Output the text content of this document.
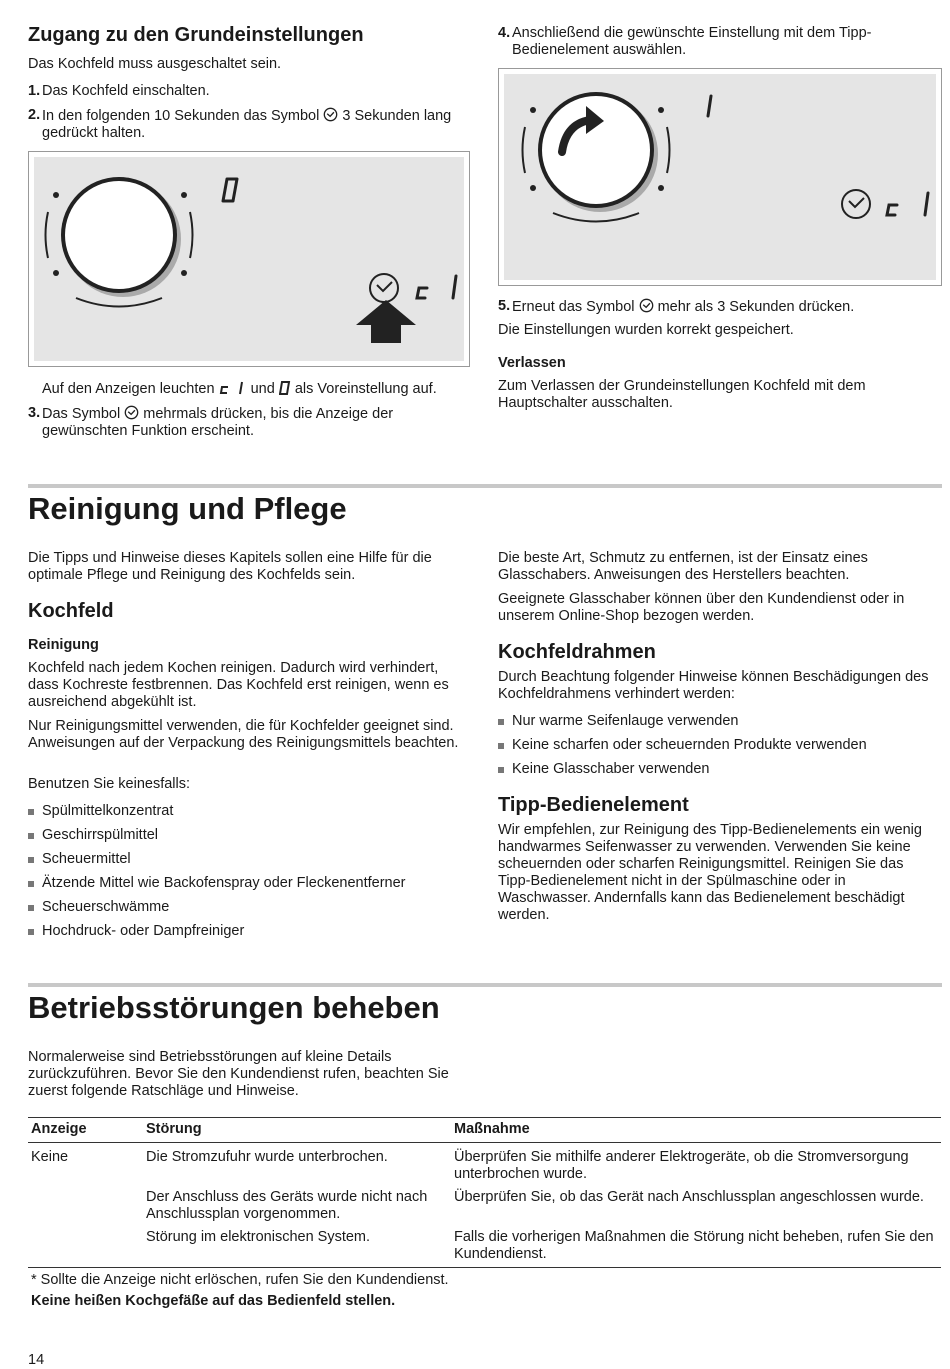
Zugang zu den Grundeinstellungen

Das Kochfeld muss ausgeschaltet sein.

1. Das Kochfeld einschalten.
2. In den folgenden 10 Sekunden das Symbol 3 Sekunden lang gedrückt halten.

Auf den Anzeigen leuchten und als Voreinstellung auf.

3. Das Symbol mehrmals drücken, bis die Anzeige der gewünschten Funktion erscheint.
4. Anschließend die gewünschte Einstellung mit dem Tipp-Bedienelement auswählen.
5. Erneut das Symbol mehr als 3 Sekunden drücken.

Die Einstellungen wurden korrekt gespeichert.

Verlassen

Zum Verlassen der Grundeinstellungen Kochfeld mit dem Hauptschalter ausschalten.

Reinigung und Pflege

Die Tipps und Hinweise dieses Kapitels sollen eine Hilfe für die optimale Pflege und Reinigung des Kochfelds sein.

Kochfeld
Reinigung

Kochfeld nach jedem Kochen reinigen. Dadurch wird verhindert, dass Kochreste festbrennen. Das Kochfeld erst reinigen, wenn es ausreichend abgekühlt ist.

Nur Reinigungsmittel verwenden, die für Kochfelder geeignet sind. Anweisungen auf der Verpackung des Reinigungsmittels beachten.

Benutzen Sie keinesfalls:

Spülmittelkonzentrat
Geschirrspülmittel
Scheuermittel
Ätzende Mittel wie Backofenspray oder Fleckenentferner
Scheuerschwämme
Hochdruck- oder Dampfreiniger

Die beste Art, Schmutz zu entfernen, ist der Einsatz eines Glasschabers. Anweisungen des Herstellers beachten.

Geeignete Glasschaber können über den Kundendienst oder in unserem Online-Shop bezogen werden.

Kochfeldrahmen

Durch Beachtung folgender Hinweise können Beschädigungen des Kochfeldrahmens verhindert werden:

Nur warme Seifenlauge verwenden
Keine scharfen oder scheuernden Produkte verwenden
Keine Glasschaber verwenden
Tipp-Bedienelement

Wir empfehlen, zur Reinigung des Tipp-Bedienelements ein wenig handwarmes Seifenwasser zu verwenden. Verwenden Sie keine scheuernden oder scharfen Reinigungsmittel. Reinigen Sie das Tipp-Bedienelement nicht in der Spülmaschine oder in Waschwasser. Andernfalls kann das Bedienelement beschädigt werden.

Betriebsstörungen beheben

Normalerweise sind Betriebsstörungen auf kleine Details zurückzuführen. Bevor Sie den Kundendienst rufen, beachten Sie zuerst folgende Ratschläge und Hinweise.

Anzeige	Störung	Maßnahme
Keine	Die Stromzufuhr wurde unterbrochen.	Überprüfen Sie mithilfe anderer Elektrogeräte, ob die Stromversorgung unterbrochen wurde.
	Der Anschluss des Geräts wurde nicht nach Anschlussplan vorgenommen.	Überprüfen Sie, ob das Gerät nach Anschlussplan angeschlossen wurde.
	Störung im elektronischen System.	Falls die vorherigen Maßnahmen die Störung nicht beheben, rufen Sie den Kundendienst.

* Sollte die Anzeige nicht erlöschen, rufen Sie den Kundendienst.

Keine heißen Kochgefäße auf das Bedienfeld stellen.

14
